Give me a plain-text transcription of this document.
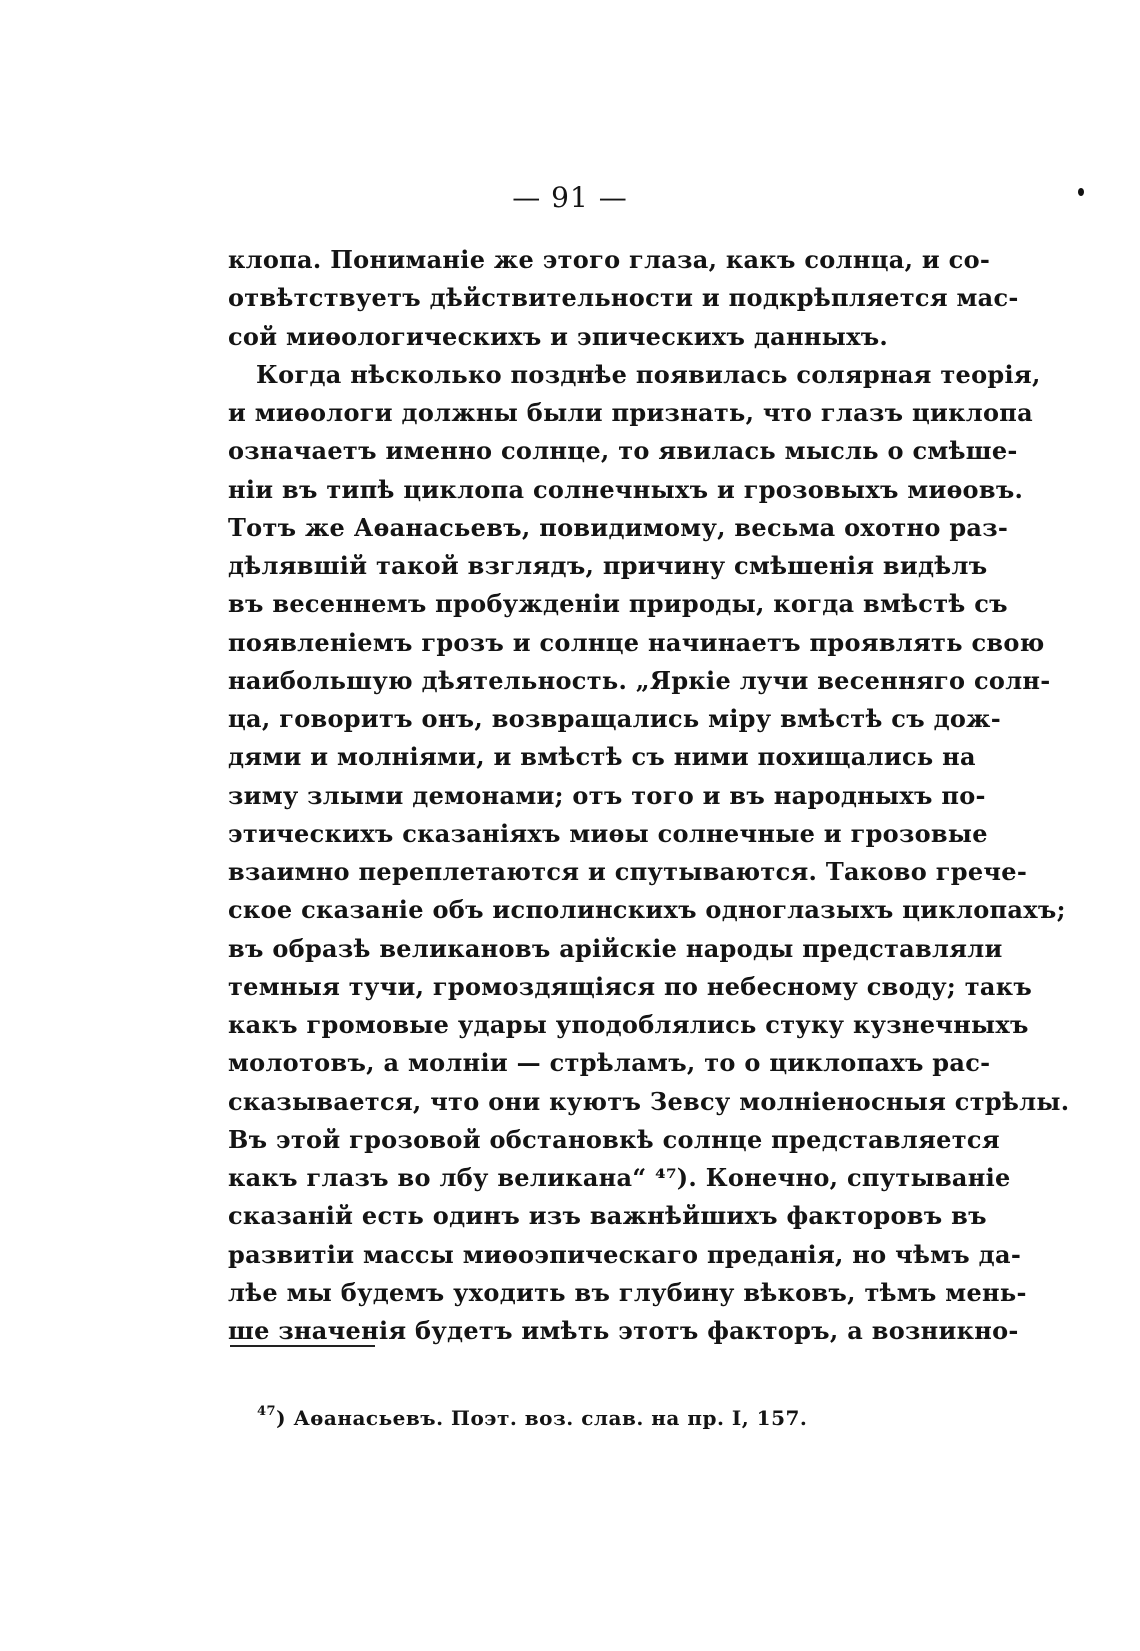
— 91 —
клопа. Пониманіе же этого глаза, какъ солнца, и со-
отвѣтствуетъ дѣйствительности и подкрѣпляется мас-
сой миѳологическихъ и эпическихъ данныхъ.
Когда нѣсколько позднѣе появилась солярная теорія,
и миѳологи должны были признать, что глазъ циклопа
означаетъ именно солнце, то явилась мысль о смѣше-
ніи въ типѣ циклопа солнечныхъ и грозовыхъ миѳовъ.
Тотъ же Аѳанасьевъ, повидимому, весьма охотно раз-
дѣлявшій такой взглядъ, причину смѣшенія видѣлъ
въ весеннемъ пробужденіи природы, когда вмѣстѣ съ
появленіемъ грозъ и солнце начинаетъ проявлять свою
наибольшую дѣятельность. „Яркіе лучи весенняго солн-
ца, говоритъ онъ, возвращались міру вмѣстѣ съ дож-
дями и молніями, и вмѣстѣ съ ними похищались на
зиму злыми демонами; отъ того и въ народныхъ по-
этическихъ сказаніяхъ миѳы солнечные и грозовые
взаимно переплетаются и спутываются. Таково грече-
ское сказаніе объ исполинскихъ одноглазыхъ циклопахъ;
въ образѣ великановъ арійскіе народы представляли
темныя тучи, громоздящіяся по небесному своду; такъ
какъ громовые удары уподоблялись стуку кузнечныхъ
молотовъ, а молніи — стрѣламъ, то о циклопахъ рас-
сказывается, что они куютъ Зевсу молніеносныя стрѣлы.
Въ этой грозовой обстановкѣ солнце представляется
какъ глазъ во лбу великана“ ⁴⁷). Конечно, спутываніе
сказаній есть одинъ изъ важнѣйшихъ факторовъ въ
развитіи массы миѳоэпическаго преданія, но чѣмъ да-
лѣе мы будемъ уходить въ глубину вѣковъ, тѣмъ мень-
ше значенія будетъ имѣть этотъ факторъ, а возникно-
$^{47}$) Аѳанасьевъ. Поэт. воз. слав. на пр. I, 157.
